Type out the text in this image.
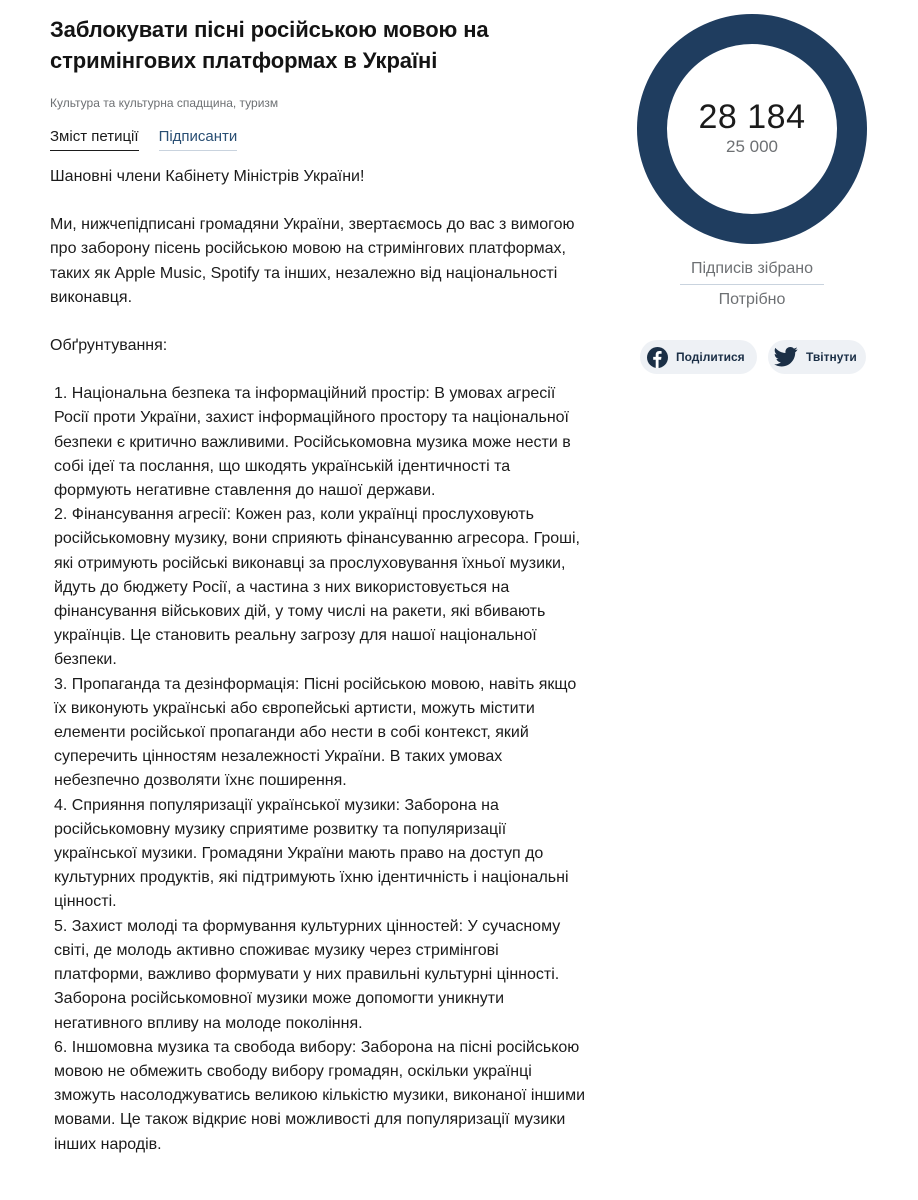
Заблокувати пісні російською мовою на стримінгових платформах в Україні
Культура та культурна спадщина, туризм
Зміст петиції Підписанти

Шановні члени Кабінету Міністрів України!

Ми, нижчепідписані громадяни України, звертаємось до вас з вимогою про заборону пісень російською мовою на стримінгових платформах, таких як Apple Music, Spotify та інших, незалежно від національності виконавця.

Обґрунтування:

1. Національна безпека та інформаційний простір: В умовах агресії Росії проти України, захист інформаційного простору та національної безпеки є критично важливими. Російськомовна музика може нести в собі ідеї та послання, що шкодять українській ідентичності та формують негативне ставлення до нашої держави.

2. Фінансування агресії: Кожен раз, коли українці прослуховують російськомовну музику, вони сприяють фінансуванню агресора. Гроші, які отримують російські виконавці за прослуховування їхньої музики, йдуть до бюджету Росії, а частина з них використовується на фінансування військових дій, у тому числі на ракети, які вбивають українців. Це становить реальну загрозу для нашої національної безпеки.

3. Пропаганда та дезінформація: Пісні російською мовою, навіть якщо їх виконують українські або європейські артисти, можуть містити елементи російської пропаганди або нести в собі контекст, який суперечить цінностям незалежності України. В таких умовах небезпечно дозволяти їхнє поширення.

4. Сприяння популяризації української музики: Заборона на російськомовну музику сприятиме розвитку та популяризації української музики. Громадяни України мають право на доступ до культурних продуктів, які підтримують їхню ідентичність і національні цінності.

5. Захист молоді та формування культурних цінностей: У сучасному світі, де молодь активно споживає музику через стримінгові платформи, важливо формувати у них правильні культурні цінності. Заборона російськомовної музики може допомогти уникнути негативного впливу на молоде покоління.

6. Іншомовна музика та свобода вибору: Заборона на пісні російською мовою не обмежить свободу вибору громадян, оскільки українці зможуть насолоджуватись великою кількістю музики, виконаної іншими мовами. Це також відкриє нові можливості для популяризації музики інших народів.

28 184
25 000
Підписів зібрано
Потрібно
Поділитися	Твітнути
